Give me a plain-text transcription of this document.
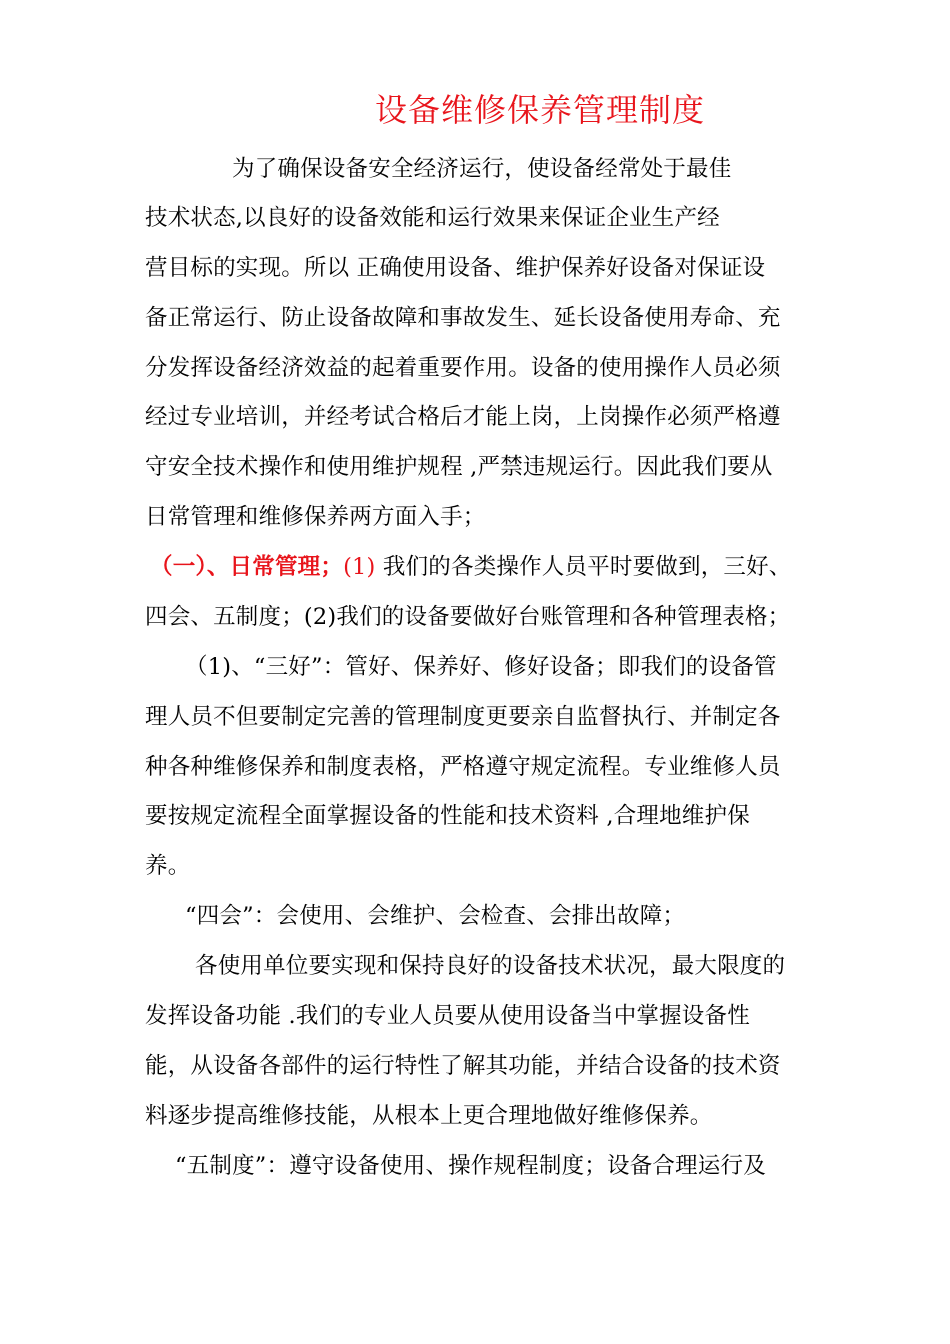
设备维修保养管理制度
为了确保设备安全经济运行，使设备经常处于最佳
技术状态,以良好的设备效能和运行效果来保证企业生产经
营目标的实现。所以 正确使用设备、维护保养好设备对保证设
备正常运行、防止设备故障和事故发生、延长设备使用寿命、充
分发挥设备经济效益的起着重要作用。设备的使用操作人员必须
经过专业培训，并经考试合格后才能上岗，上岗操作必须严格遵
守安全技术操作和使用维护规程 ,严禁违规运行。因此我们要从
日常管理和维修保养两方面入手；
（一）、日常管理；(1) 我们的各类操作人员平时要做到，三好、
四会、五制度；(2)我们的设备要做好台账管理和各种管理表格；
（1)、“三好”：管好、保养好、修好设备；即我们的设备管
理人员不但要制定完善的管理制度更要亲自监督执行、并制定各
种各种维修保养和制度表格，严格遵守规定流程。专业维修人员
要按规定流程全面掌握设备的性能和技术资料 ,合理地维护保
养。
“四会”：会使用、会维护、会检查、会排出故障；
各使用单位要实现和保持良好的设备技术状况，最大限度的
发挥设备功能 .我们的专业人员要从使用设备当中掌握设备性
能，从设备各部件的运行特性了解其功能，并结合设备的技术资
料逐步提高维修技能，从根本上更合理地做好维修保养。
“五制度”：遵守设备使用、操作规程制度；设备合理运行及
